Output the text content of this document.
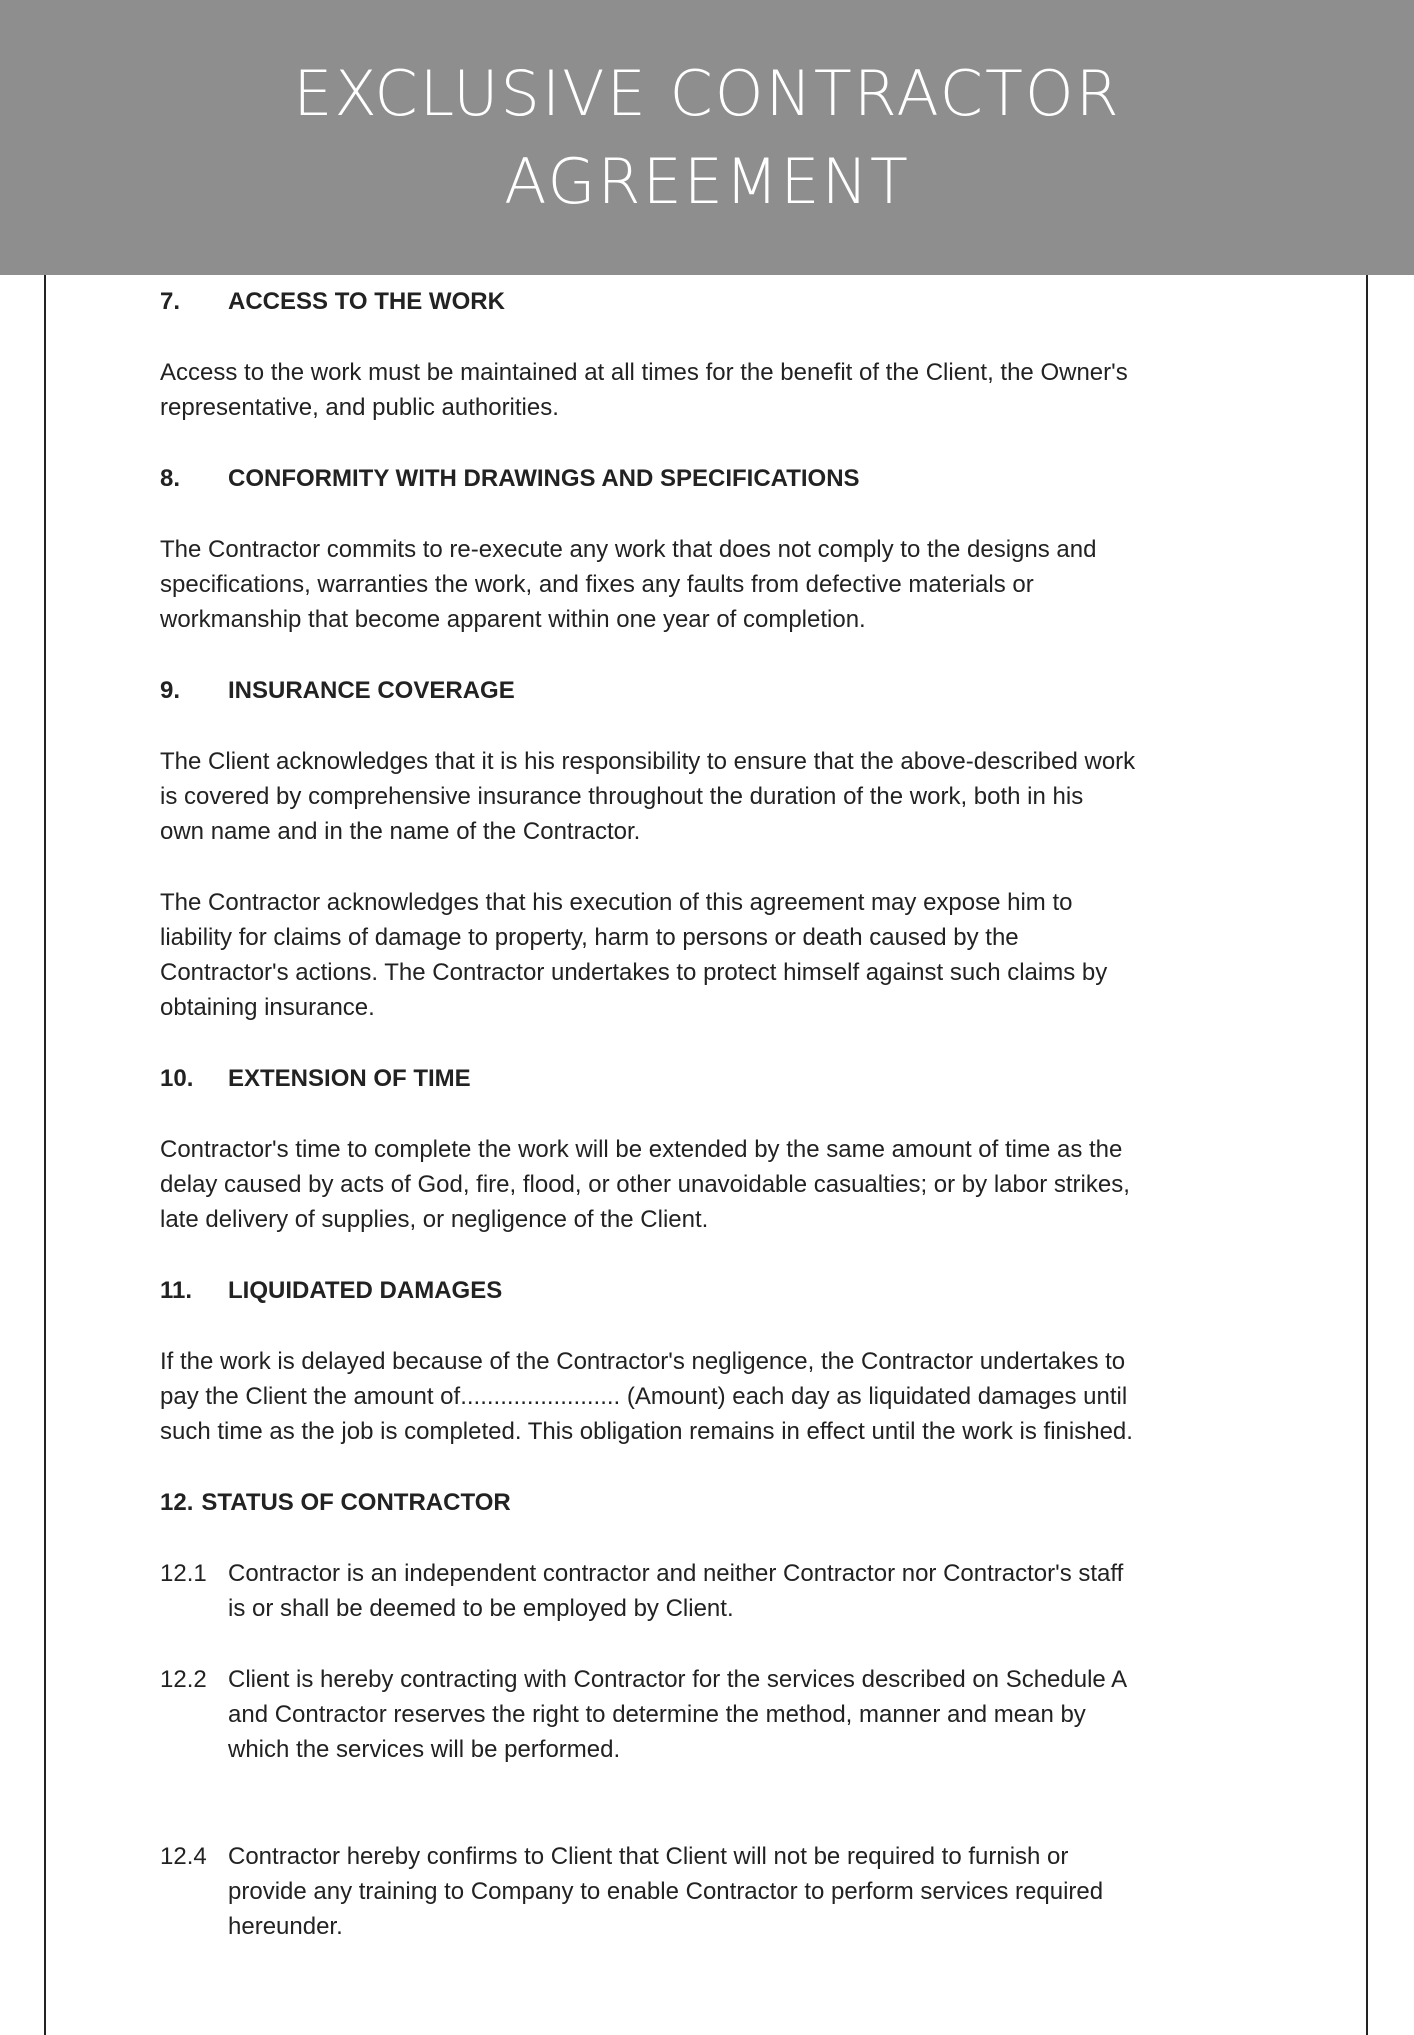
EXCLUSIVE CONTRACTOR
AGREEMENT
7.	ACCESS TO THE WORK
Access to the work must be maintained at all times for the benefit of the Client, the Owner's
representative, and public authorities.
8.	CONFORMITY WITH DRAWINGS AND SPECIFICATIONS
The Contractor commits to re-execute any work that does not comply to the designs and
specifications, warranties the work, and fixes any faults from defective materials or
workmanship that become apparent within one year of completion.
9.	INSURANCE COVERAGE
The Client acknowledges that it is his responsibility to ensure that the above-described work
is covered by comprehensive insurance throughout the duration of the work, both in his
own name and in the name of the Contractor.
The Contractor acknowledges that his execution of this agreement may expose him to
liability for claims of damage to property, harm to persons or death caused by the
Contractor's actions. The Contractor undertakes to protect himself against such claims by
obtaining insurance.
10.	EXTENSION OF TIME
Contractor's time to complete the work will be extended by the same amount of time as the
delay caused by acts of God, fire, flood, or other unavoidable casualties; or by labor strikes,
late delivery of supplies, or negligence of the Client.
11.	LIQUIDATED DAMAGES
If the work is delayed because of the Contractor's negligence, the Contractor undertakes to
pay the Client the amount of........................ (Amount) each day as liquidated damages until
such time as the job is completed. This obligation remains in effect until the work is finished.
12. STATUS OF CONTRACTOR
12.1 Contractor is an independent contractor and neither Contractor nor Contractor's staff
is or shall be deemed to be employed by Client.
12.2 Client is hereby contracting with Contractor for the services described on Schedule A
and Contractor reserves the right to determine the method, manner and mean by
which the services will be performed.
12.4 Contractor hereby confirms to Client that Client will not be required to furnish or
provide any training to Company to enable Contractor to perform services required
hereunder.
